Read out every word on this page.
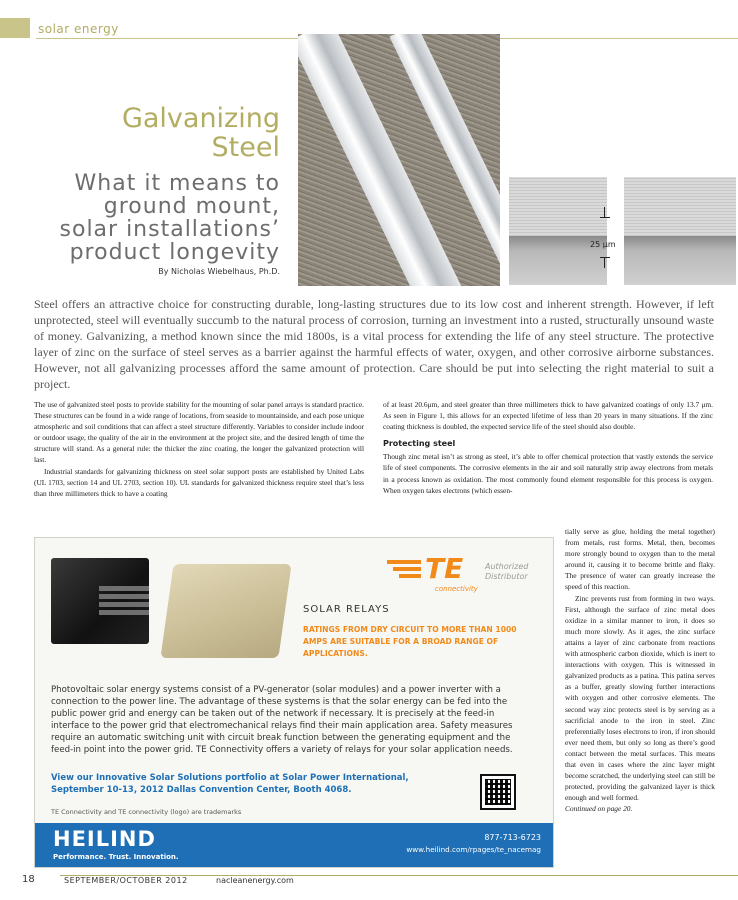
solar energy
Galvanizing
Steel
What it means to
ground mount,
solar installations’
product longevity
By Nicholas Wiebelhaus, Ph.D.
25 μm

Steel offers an attractive choice for constructing durable, long-lasting structures due to its low cost and inherent strength. However, if left unprotected, steel will eventually succumb to the natural process of corrosion, turning an investment into a rusted, structurally unsound waste of money. Galvanizing, a method known since the mid 1800s, is a vital process for extending the life of any steel structure. The protective layer of zinc on the surface of steel serves as a barrier against the harmful effects of water, oxygen, and other corrosive airborne substances. However, not all galvanizing processes afford the same amount of protection. Care should be put into selecting the right material to suit a project.

The use of galvanized steel posts to provide stability for the mounting of solar panel arrays is standard practice. These structures can be found in a wide range of locations, from seaside to mountainside, and each pose unique atmospheric and soil conditions that can affect a steel structure differently. Variables to consider include indoor or outdoor usage, the quality of the air in the environment at the project site, and the desired length of time the structure will stand. As a general rule: the thicker the zinc coating, the longer the galvanized protection will last.

Industrial standards for galvanizing thickness on steel solar support posts are established by United Labs (UL 1703, section 14 and UL 2703, section 10). UL standards for galvanized thickness require steel that’s less than three millimeters thick to have a coating

of at least 20.6μm, and steel greater than three millimeters thick to have galvanized coatings of only 13.7 μm. As seen in Figure 1, this allows for an expected lifetime of less than 20 years in many situations. If the zinc coating thickness is doubled, the expected service life of the steel should also double.

Protecting steel

Though zinc metal isn’t as strong as steel, it’s able to offer chemical protection that vastly extends the service life of steel components. The corrosive elements in the air and soil naturally strip away electrons from metals in a process known as oxidation. The most commonly found element responsible for this process is oxygen. When oxygen takes electrons (which essen-

tially serve as glue, holding the metal together) from metals, rust forms. Metal, then, becomes more strongly bound to oxygen than to the metal around it, causing it to become brittle and flaky. The presence of water can greatly increase the speed of this reaction.

Zinc prevents rust from forming in two ways. First, although the surface of zinc metal does oxidize in a similar manner to iron, it does so much more slowly. As it ages, the zinc surface attains a layer of zinc carbonate from reactions with atmospheric carbon dioxide, which is inert to interactions with oxygen. This is witnessed in galvanized products as a patina. This patina serves as a buffer, greatly slowing further interactions with oxygen and other corrosive elements. The second way zinc protects steel is by serving as a sacrificial anode to the iron in steel. Zinc preferentially loses electrons to iron, if iron should ever need them, but only so long as there’s good contact between the metal surfaces. This means that even in cases where the zinc layer might become scratched, the underlying steel can still be protected, providing the galvanized layer is thick enough and well formed.

Continued on page 20.

TE
connectivity
Authorized
Distributor
SOLAR RELAYS
RATINGS FROM DRY CIRCUIT TO MORE THAN 1000 AMPS ARE SUITABLE FOR A BROAD RANGE OF APPLICATIONS.

Photovoltaic solar energy systems consist of a PV-generator (solar modules) and a power inverter with a connection to the power line. The advantage of these systems is that the solar energy can be fed into the public power grid and energy can be taken out of the network if necessary. It is precisely at the feed-in interface to the power grid that electromechanical relays find their main application area. Safety measures require an automatic switching unit with circuit break function between the generating equipment and the feed-in point into the power grid. TE Connectivity offers a variety of relays for your solar application needs.

View our Innovative Solar Solutions portfolio at Solar Power International,
September 10-13, 2012 Dallas Convention Center, Booth 4068.
TE Connectivity and TE connectivity (logo) are trademarks
HEILIND
Performance. Trust. Innovation.
877-713-6723
www.heilind.com/rpages/te_nacemag
18	SEPTEMBER/OCTOBER 2012	nacleanenergy.com
